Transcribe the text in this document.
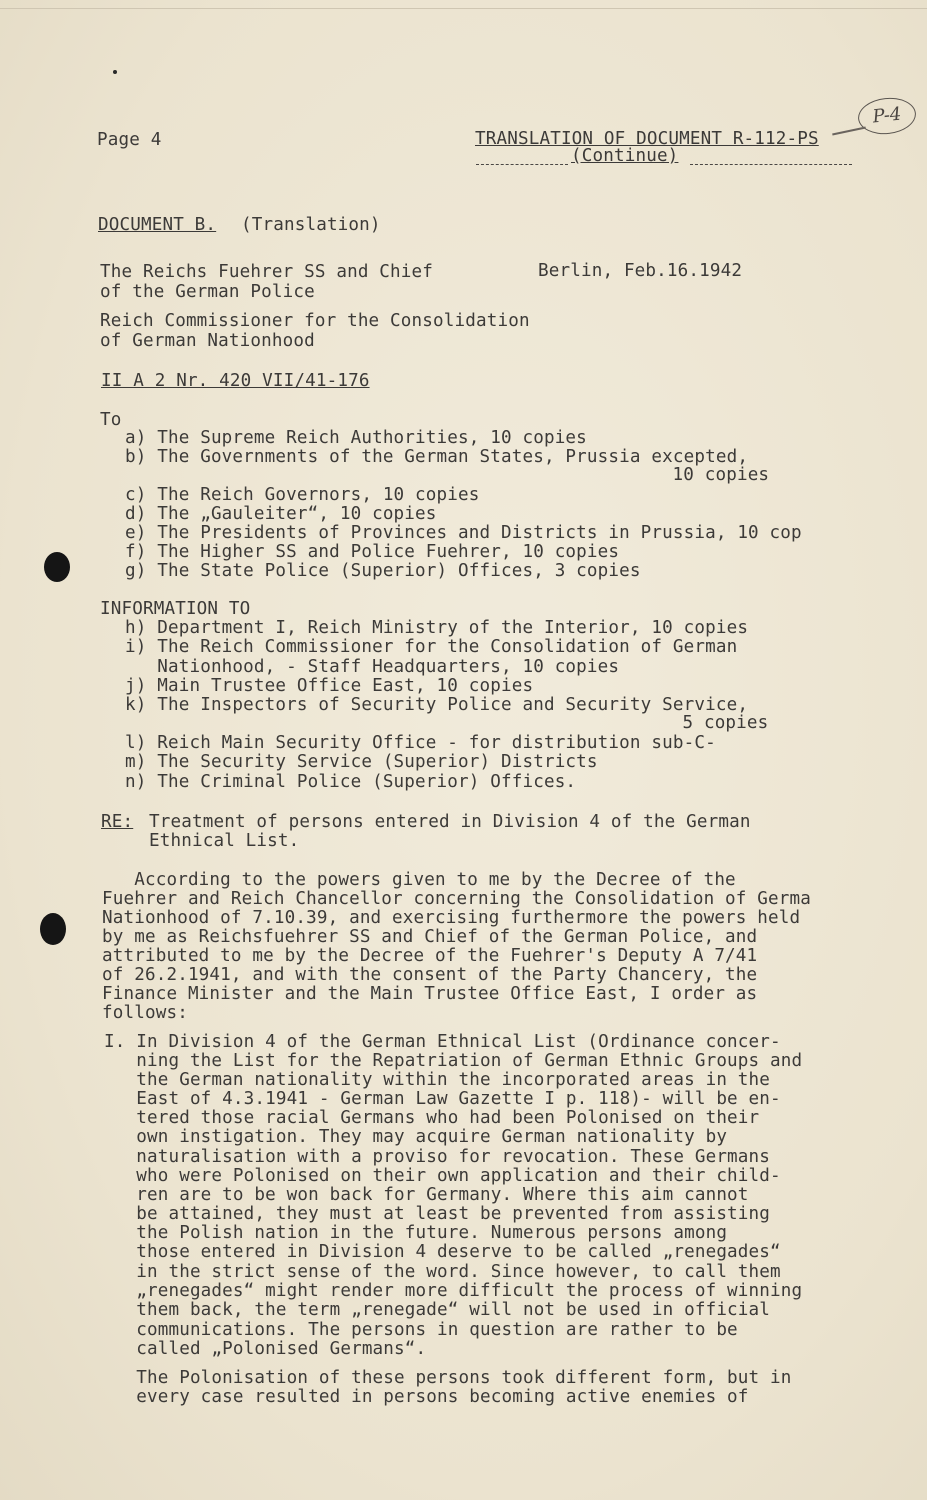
Page 4	TRANSLATION OF DOCUMENT R-112-PS
(Continue)
P-4
DOCUMENT B. (Translation)
The Reichs Fuehrer SS and Chief	Berlin, Feb.16.1942
of the German Police
Reich Commissioner for the Consolidation
of German Nationhood
II A 2 Nr. 420 VII/41-176
To
a) The Supreme Reich Authorities, 10 copies
b) The Governments of the German States, Prussia excepted,
10 copies
c) The Reich Governors, 10 copies
d) The „Gauleiter“, 10 copies
e) The Presidents of Provinces and Districts in Prussia, 10 cop
f) The Higher SS and Police Fuehrer, 10 copies
g) The State Police (Superior) Offices, 3 copies
INFORMATION TO
h) Department I, Reich Ministry of the Interior, 10 copies
i) The Reich Commissioner for the Consolidation of German
Nationhood, - Staff Headquarters, 10 copies
j) Main Trustee Office East, 10 copies
k) The Inspectors of Security Police and Security Service,
5 copies
l) Reich Main Security Office - for distribution sub-C-
m) The Security Service (Superior) Districts
n) The Criminal Police (Superior) Offices.
RE: Treatment of persons entered in Division 4 of the German
Ethnical List.
According to the powers given to me by the Decree of the
Fuehrer and Reich Chancellor concerning the Consolidation of Germa
Nationhood of 7.10.39, and exercising furthermore the powers held
by me as Reichsfuehrer SS and Chief of the German Police, and
attributed to me by the Decree of the Fuehrer's Deputy A 7/41
of 26.2.1941, and with the consent of the Party Chancery, the
Finance Minister and the Main Trustee Office East, I order as
follows:
I. In Division 4 of the German Ethnical List (Ordinance concer-
ning the List for the Repatriation of German Ethnic Groups and
the German nationality within the incorporated areas in the
East of 4.3.1941 - German Law Gazette I p. 118)- will be en-
tered those racial Germans who had been Polonised on their
own instigation. They may acquire German nationality by
naturalisation with a proviso for revocation. These Germans
who were Polonised on their own application and their child-
ren are to be won back for Germany. Where this aim cannot
be attained, they must at least be prevented from assisting
the Polish nation in the future. Numerous persons among
those entered in Division 4 deserve to be called „renegades“
in the strict sense of the word. Since however, to call them
„renegades“ might render more difficult the process of winning
them back, the term „renegade“ will not be used in official
communications. The persons in question are rather to be
called „Polonised Germans“.
The Polonisation of these persons took different form, but in
every case resulted in persons becoming active enemies of
